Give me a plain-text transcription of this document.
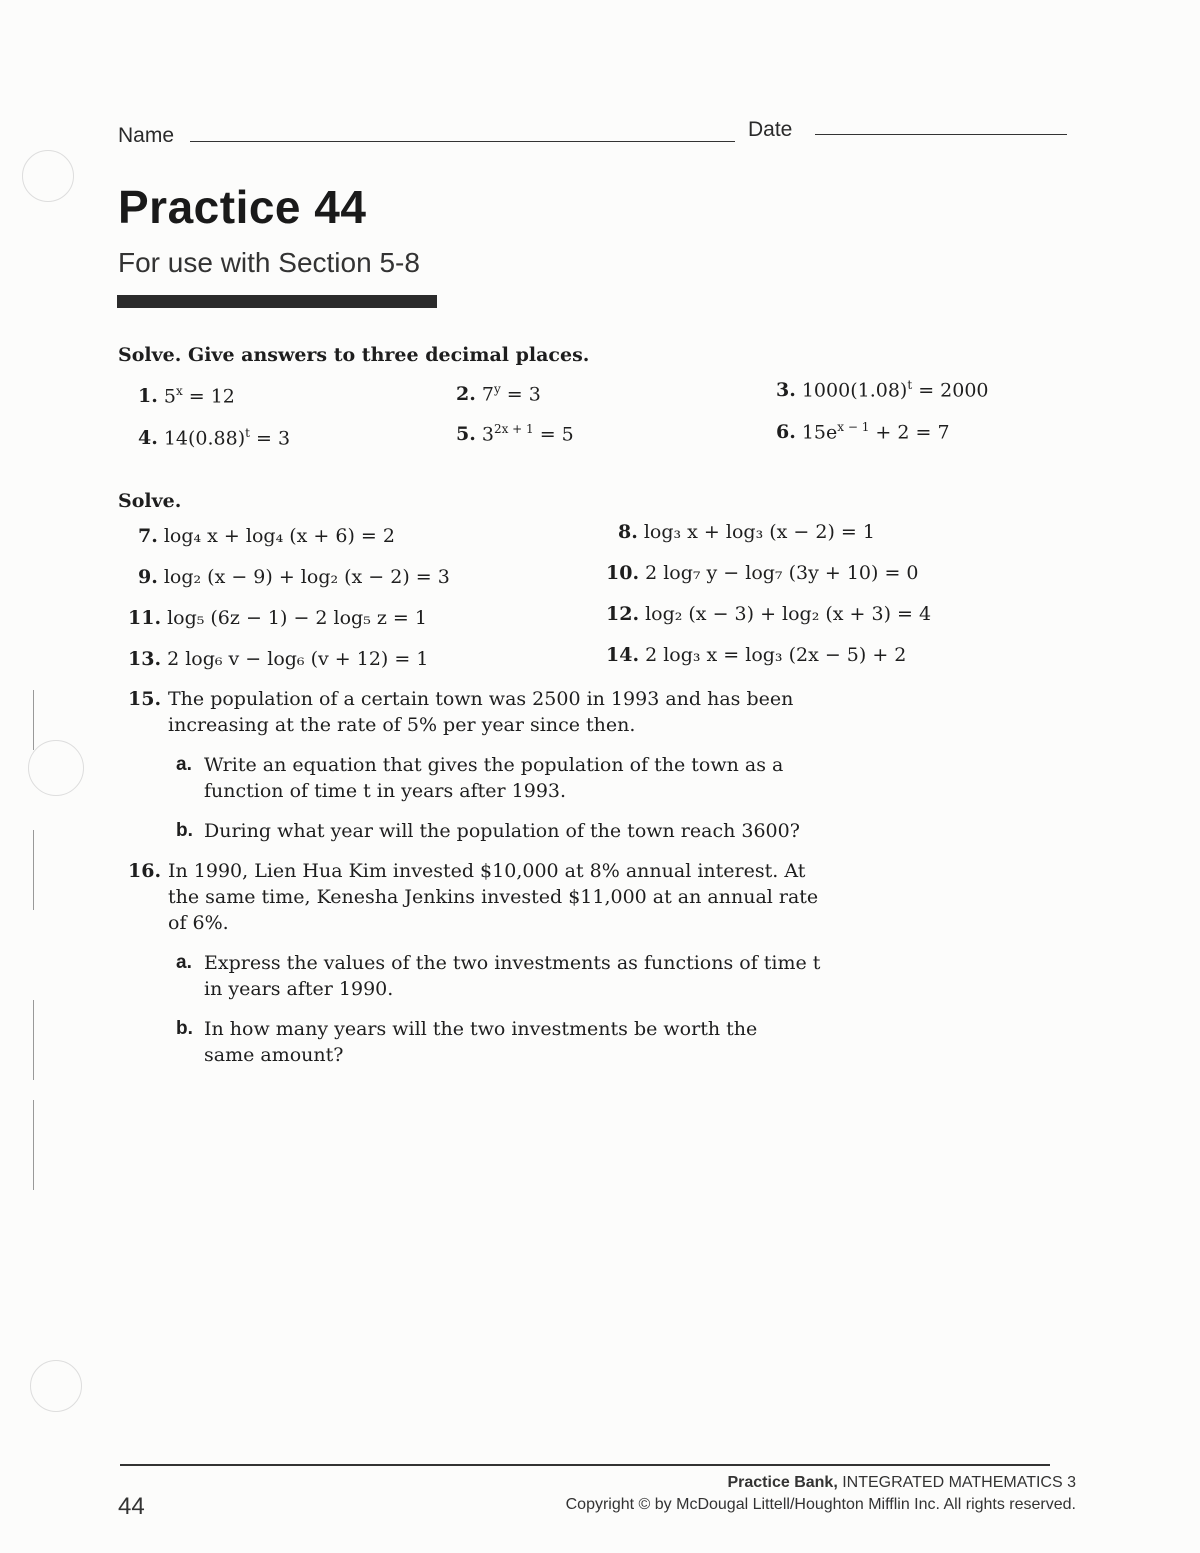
Name	Date
Practice 44
For use with Section 5-8
Solve. Give answers to three decimal places.
1. $5^x = 12$	2. $7^y = 3$	3. $1000(1.08)^t = 2000$
4. $14(0.88)^t = 3$	5. $3^{2x + 1} = 5$	6. $15e^{x - 1} + 2 = 7$
Solve.
7. log₄ x + log₄ (x + 6) = 2	8. log₃ x + log₃ (x − 2) = 1
9. log₂ (x − 9) + log₂ (x − 2) = 3	10. 2 log₇ y − log₇ (3y + 10) = 0
11. log₅ (6z − 1) − 2 log₅ z = 1	12. log₂ (x − 3) + log₂ (x + 3) = 4
13. 2 log₆ v − log₆ (v + 12) = 1	14. 2 log₃ x = log₃ (2x − 5) + 2
15. The population of a certain town was 2500 in 1993 and has been increasing at the rate of 5% per year since then.
a. Write an equation that gives the population of the town as a function of time t in years after 1993.
b. During what year will the population of the town reach 3600?
16. In 1990, Lien Hua Kim invested $10,000 at 8% annual interest. At the same time, Kenesha Jenkins invested $11,000 at an annual rate of 6%.
a. Express the values of the two investments as functions of time t in years after 1990.
b. In how many years will the two investments be worth the same amount?
44
Practice Bank, INTEGRATED MATHEMATICS 3
Copyright © by McDougal Littell/Houghton Mifflin Inc. All rights reserved.
